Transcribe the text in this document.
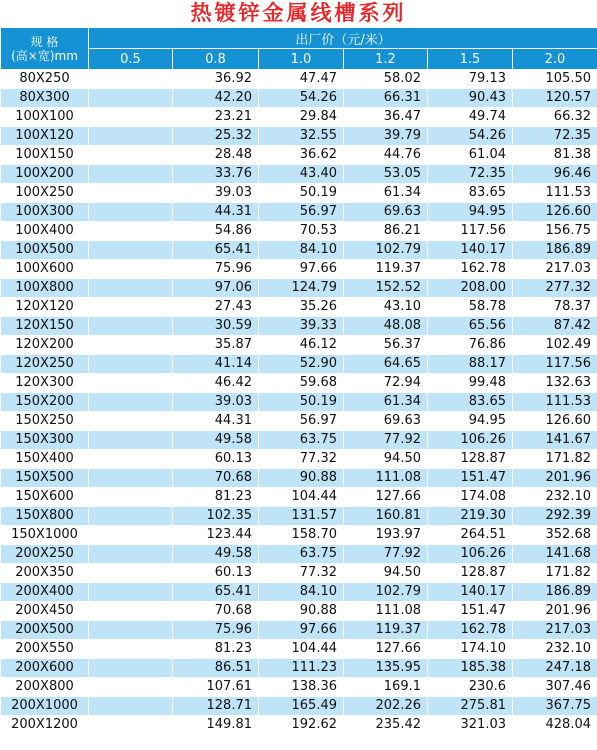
热镀锌金属线槽系列
规 格
(高×宽)mm	出厂价（元/米）					
	0.5	0.8	1.0	1.2	1.5	2.0
80X250		36.92	47.47	58.02	79.13	105.50
80X300		42.20	54.26	66.31	90.43	120.57
100X100		23.21	29.84	36.47	49.74	66.32
100X120		25.32	32.55	39.79	54.26	72.35
100X150		28.48	36.62	44.76	61.04	81.38
100X200		33.76	43.40	53.05	72.35	96.46
100X250		39.03	50.19	61.34	83.65	111.53
100X300		44.31	56.97	69.63	94.95	126.60
100X400		54.86	70.53	86.21	117.56	156.75
100X500		65.41	84.10	102.79	140.17	186.89
100X600		75.96	97.66	119.37	162.78	217.03
100X800		97.06	124.79	152.52	208.00	277.32
120X120		27.43	35.26	43.10	58.78	78.37
120X150		30.59	39.33	48.08	65.56	87.42
120X200		35.87	46.12	56.37	76.86	102.49
120X250		41.14	52.90	64.65	88.17	117.56
120X300		46.42	59.68	72.94	99.48	132.63
150X200		39.03	50.19	61.34	83.65	111.53
150X250		44.31	56.97	69.63	94.95	126.60
150X300		49.58	63.75	77.92	106.26	141.67
150X400		60.13	77.32	94.50	128.87	171.82
150X500		70.68	90.88	111.08	151.47	201.96
150X600		81.23	104.44	127.66	174.08	232.10
150X800		102.35	131.57	160.81	219.30	292.39
150X1000		123.44	158.70	193.97	264.51	352.68
200X250		49.58	63.75	77.92	106.26	141.68
200X350		60.13	77.32	94.50	128.87	171.82
200X400		65.41	84.10	102.79	140.17	186.89
200X450		70.68	90.88	111.08	151.47	201.96
200X500		75.96	97.66	119.37	162.78	217.03
200X550		81.23	104.44	127.66	174.10	232.10
200X600		86.51	111.23	135.95	185.38	247.18
200X800		107.61	138.36	169.1	230.6	307.46
200X1000		128.71	165.49	202.26	275.81	367.75
200X1200		149.81	192.62	235.42	321.03	428.04
